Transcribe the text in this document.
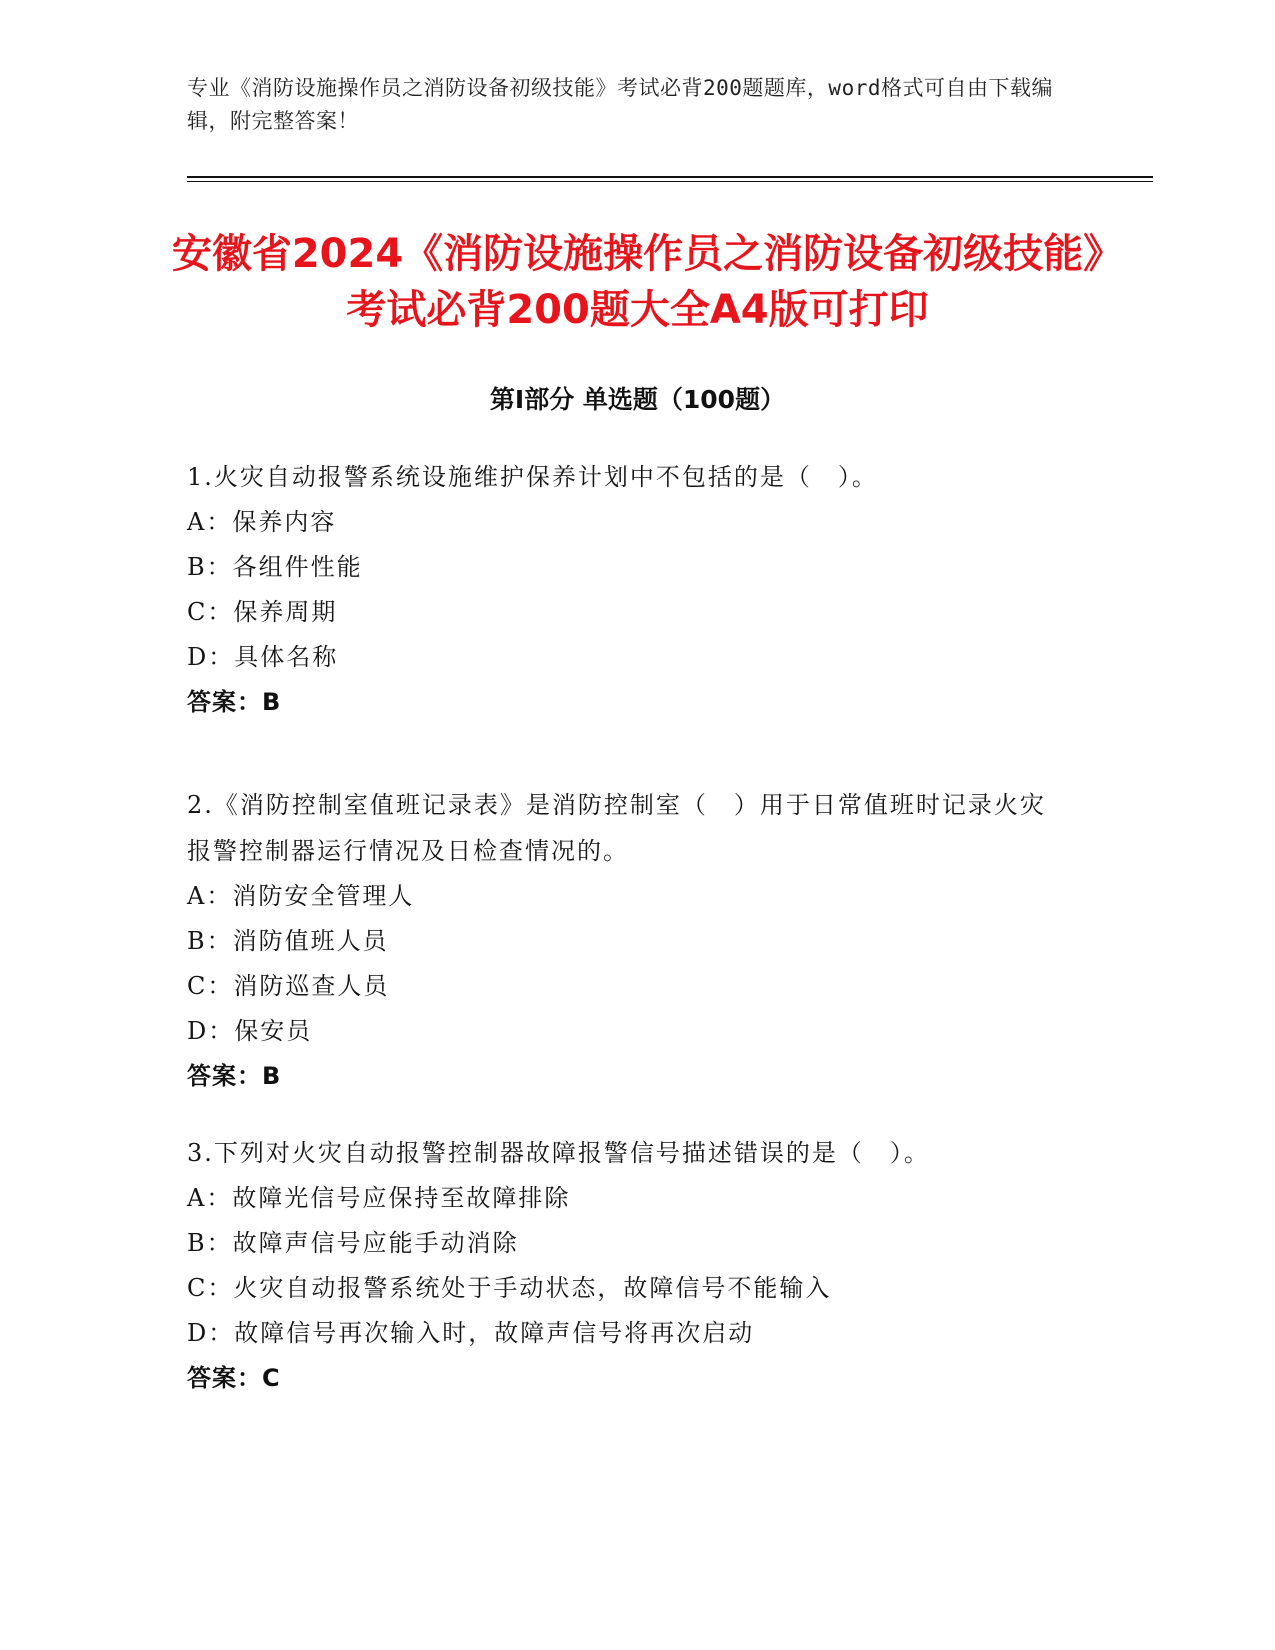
专业《消防设施操作员之消防设备初级技能》考试必背200题题库，word格式可自由下载编辑，附完整答案！
安徽省2024《消防设施操作员之消防设备初级技能》考试必背200题大全A4版可打印
第I部分 单选题（100题）
1.火灾自动报警系统设施维护保养计划中不包括的是（　）。
A：保养内容
B：各组件性能
C：保养周期
D：具体名称
答案：B
2.《消防控制室值班记录表》是消防控制室（　）用于日常值班时记录火灾报警控制器运行情况及日检查情况的。
A：消防安全管理人
B：消防值班人员
C：消防巡查人员
D：保安员
答案：B
3.下列对火灾自动报警控制器故障报警信号描述错误的是（　）。
A：故障光信号应保持至故障排除
B：故障声信号应能手动消除
C：火灾自动报警系统处于手动状态，故障信号不能输入
D：故障信号再次输入时，故障声信号将再次启动
答案：C
